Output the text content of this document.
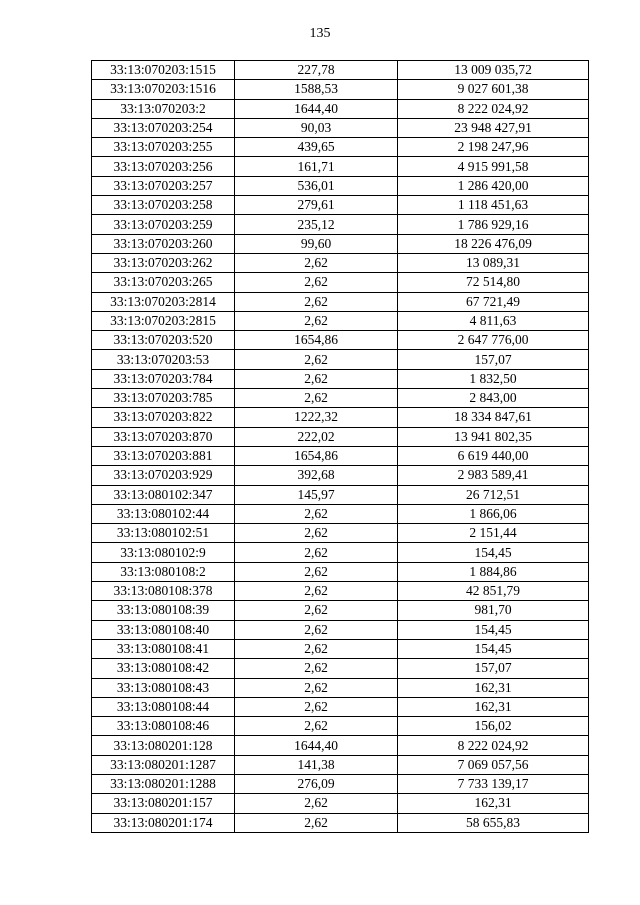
135
33:13:070203:1515	227,78	13 009 035,72
33:13:070203:1516	1588,53	9 027 601,38
33:13:070203:2	1644,40	8 222 024,92
33:13:070203:254	90,03	23 948 427,91
33:13:070203:255	439,65	2 198 247,96
33:13:070203:256	161,71	4 915 991,58
33:13:070203:257	536,01	1 286 420,00
33:13:070203:258	279,61	1 118 451,63
33:13:070203:259	235,12	1 786 929,16
33:13:070203:260	99,60	18 226 476,09
33:13:070203:262	2,62	13 089,31
33:13:070203:265	2,62	72 514,80
33:13:070203:2814	2,62	67 721,49
33:13:070203:2815	2,62	4 811,63
33:13:070203:520	1654,86	2 647 776,00
33:13:070203:53	2,62	157,07
33:13:070203:784	2,62	1 832,50
33:13:070203:785	2,62	2 843,00
33:13:070203:822	1222,32	18 334 847,61
33:13:070203:870	222,02	13 941 802,35
33:13:070203:881	1654,86	6 619 440,00
33:13:070203:929	392,68	2 983 589,41
33:13:080102:347	145,97	26 712,51
33:13:080102:44	2,62	1 866,06
33:13:080102:51	2,62	2 151,44
33:13:080102:9	2,62	154,45
33:13:080108:2	2,62	1 884,86
33:13:080108:378	2,62	42 851,79
33:13:080108:39	2,62	981,70
33:13:080108:40	2,62	154,45
33:13:080108:41	2,62	154,45
33:13:080108:42	2,62	157,07
33:13:080108:43	2,62	162,31
33:13:080108:44	2,62	162,31
33:13:080108:46	2,62	156,02
33:13:080201:128	1644,40	8 222 024,92
33:13:080201:1287	141,38	7 069 057,56
33:13:080201:1288	276,09	7 733 139,17
33:13:080201:157	2,62	162,31
33:13:080201:174	2,62	58 655,83
